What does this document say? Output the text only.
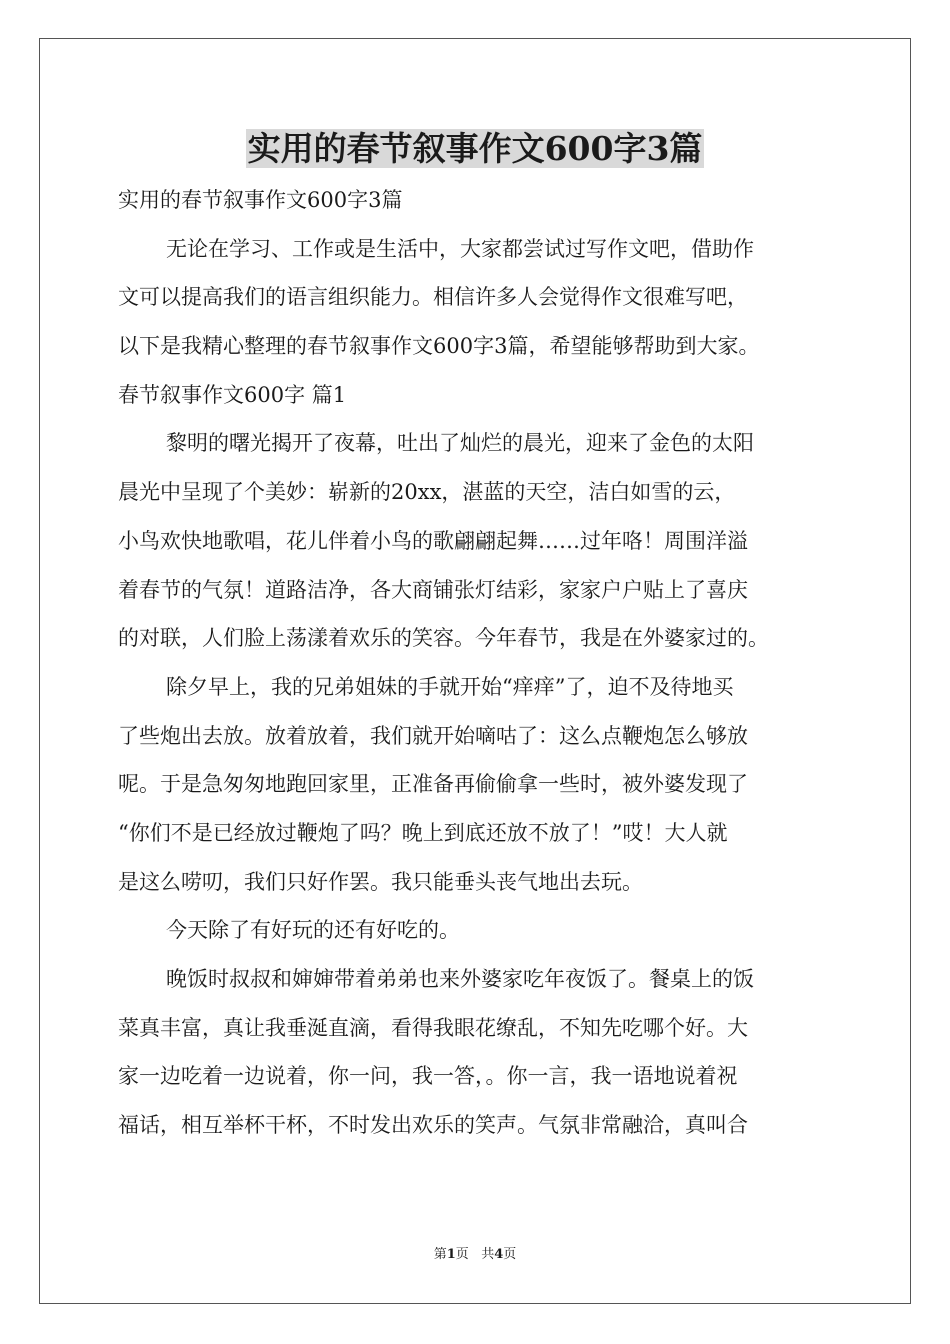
实用的春节叙事作文600字3篇
实用的春节叙事作文600字3篇
无论在学习、工作或是生活中，大家都尝试过写作文吧，借助作
文可以提高我们的语言组织能力。相信许多人会觉得作文很难写吧，
以下是我精心整理的春节叙事作文600字3篇，希望能够帮助到大家。
春节叙事作文600字 篇1
黎明的曙光揭开了夜幕，吐出了灿烂的晨光，迎来了金色的太阳
晨光中呈现了个美妙：崭新的20xx，湛蓝的天空，洁白如雪的云，
小鸟欢快地歌唱，花儿伴着小鸟的歌翩翩起舞……过年咯！周围洋溢
着春节的气氛！道路洁净，各大商铺张灯结彩，家家户户贴上了喜庆
的对联，人们脸上荡漾着欢乐的笑容。今年春节，我是在外婆家过的。
除夕早上，我的兄弟姐妹的手就开始“痒痒”了，迫不及待地买
了些炮出去放。放着放着，我们就开始嘀咕了：这么点鞭炮怎么够放
呢。于是急匆匆地跑回家里，正准备再偷偷拿一些时，被外婆发现了
“你们不是已经放过鞭炮了吗？晚上到底还放不放了！”哎！大人就
是这么唠叨，我们只好作罢。我只能垂头丧气地出去玩。
今天除了有好玩的还有好吃的。
晚饭时叔叔和婶婶带着弟弟也来外婆家吃年夜饭了。餐桌上的饭
菜真丰富，真让我垂涎直滴，看得我眼花缭乱，不知先吃哪个好。大
家一边吃着一边说着，你一问，我一答，。你一言，我一语地说着祝
福话，相互举杯干杯，不时发出欢乐的笑声。气氛非常融洽，真叫合
第1页 共4页
